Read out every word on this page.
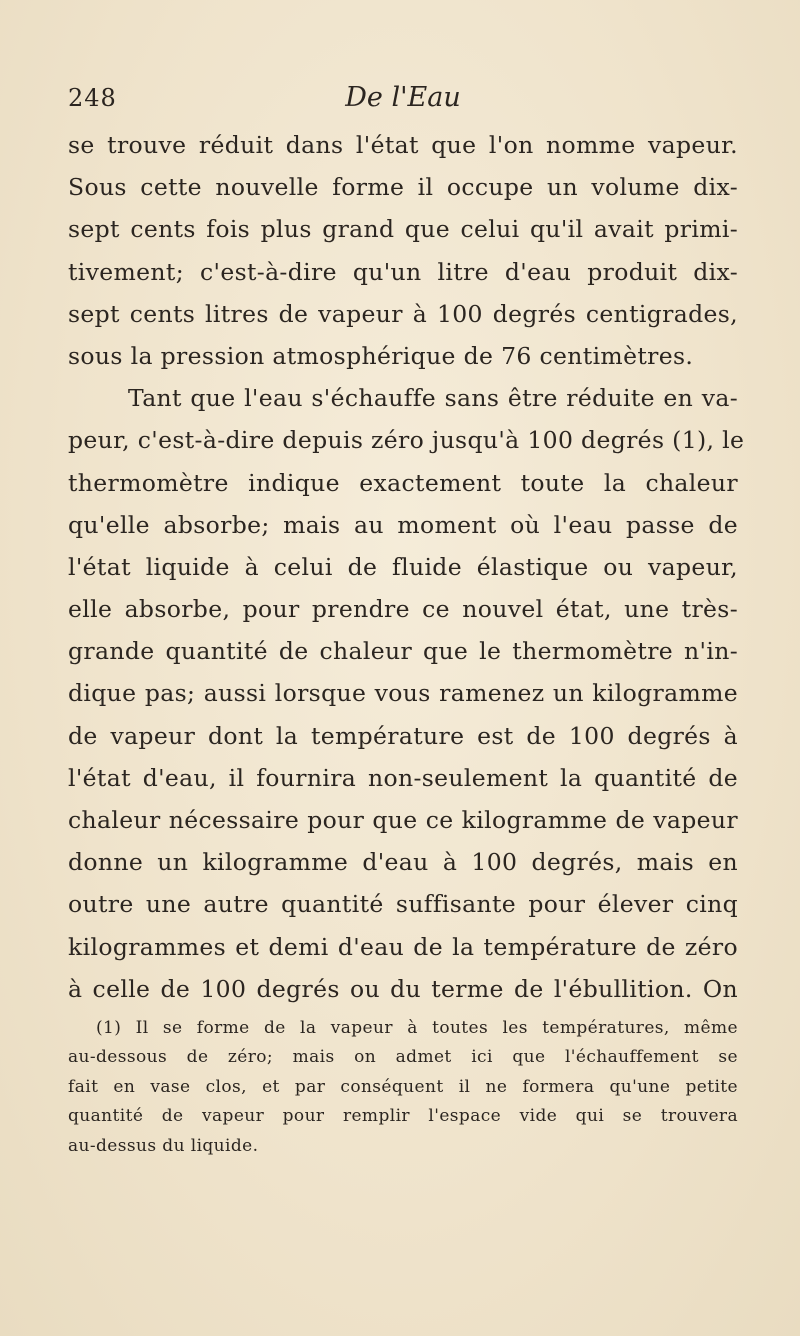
248	De l'Eau
se trouve réduit dans l'état que l'on nomme vapeur.
Sous cette nouvelle forme il occupe un volume dix-
sept cents fois plus grand que celui qu'il avait primi-
tivement; c'est-à-dire qu'un litre d'eau produit dix-
sept cents litres de vapeur à 100 degrés centigrades,
sous la pression atmosphérique de 76 centimètres.
Tant que l'eau s'échauffe sans être réduite en va-
peur, c'est-à-dire depuis zéro jusqu'à 100 degrés (1), le
thermomètre indique exactement toute la chaleur
qu'elle absorbe; mais au moment où l'eau passe de
l'état liquide à celui de fluide élastique ou vapeur,
elle absorbe, pour prendre ce nouvel état, une très-
grande quantité de chaleur que le thermomètre n'in-
dique pas; aussi lorsque vous ramenez un kilogramme
de vapeur dont la température est de 100 degrés à
l'état d'eau, il fournira non-seulement la quantité de
chaleur nécessaire pour que ce kilogramme de vapeur
donne un kilogramme d'eau à 100 degrés, mais en
outre une autre quantité suffisante pour élever cinq
kilogrammes et demi d'eau de la température de zéro
à celle de 100 degrés ou du terme de l'ébullition. On
(1) Il se forme de la vapeur à toutes les températures, même
au-dessous de zéro; mais on admet ici que l'échauffement se
fait en vase clos, et par conséquent il ne formera qu'une petite
quantité de vapeur pour remplir l'espace vide qui se trouvera
au-dessus du liquide.
